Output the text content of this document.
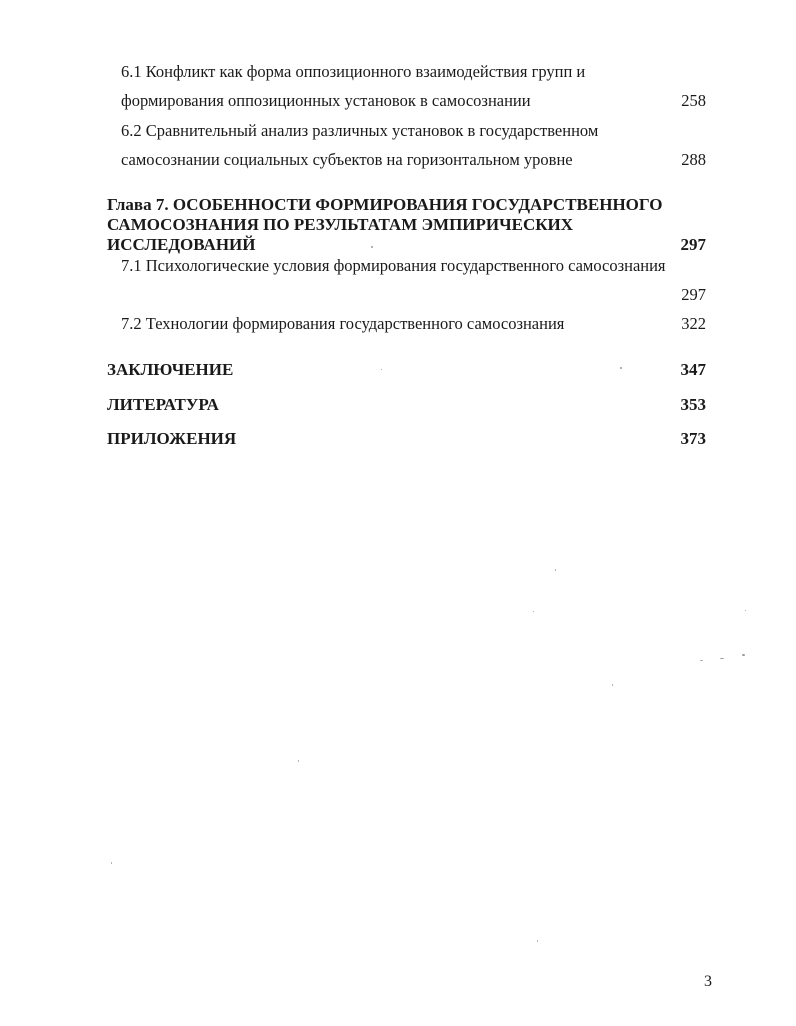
6.1 Конфликт как форма оппозиционного взаимодействия групп и
формирования оппозиционных установок в самосознании	258
6.2 Сравнительный анализ различных установок в государственном
самосознании социальных субъектов на горизонтальном уровне	288
Глава 7. ОСОБЕННОСТИ ФОРМИРОВАНИЯ ГОСУДАРСТВЕННОГО
САМОСОЗНАНИЯ ПО РЕЗУЛЬТАТАМ ЭМПИРИЧЕСКИХ
ИССЛЕДОВАНИЙ	297
7.1 Психологические условия формирования государственного самосознания
297
7.2 Технологии формирования государственного самосознания	322
ЗАКЛЮЧЕНИЕ	347
ЛИТЕРАТУРА	353
ПРИЛОЖЕНИЯ	373
3
